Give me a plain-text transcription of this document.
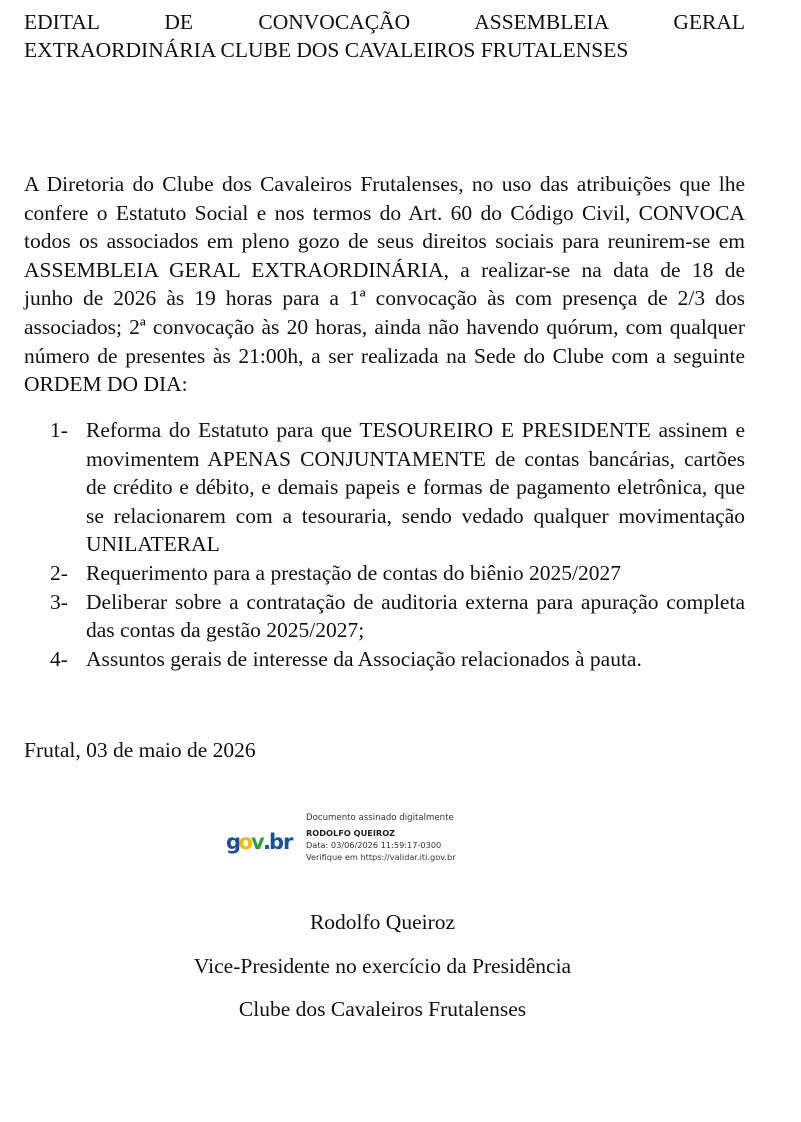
EDITAL DE CONVOCAÇÃO ASSEMBLEIA GERAL
EXTRAORDINÁRIA CLUBE DOS CAVALEIROS FRUTALENSES

A Diretoria do Clube dos Cavaleiros Frutalenses, no uso das atribuições que lhe confere o Estatuto Social e nos termos do Art. 60 do Código Civil, CONVOCA todos os associados em pleno gozo de seus direitos sociais para reunirem-se em ASSEMBLEIA GERAL EXTRAORDINÁRIA, a realizar-se na data de 18 de junho de 2026 às 19 horas para a 1ª convocação às com presença de 2/3 dos associados; 2ª convocação às 20 horas, ainda não havendo quórum, com qualquer número de presentes às 21:00h, a ser realizada na Sede do Clube com a seguinte ORDEM DO DIA:

1- Reforma do Estatuto para que TESOUREIRO E PRESIDENTE assinem e movimentem APENAS CONJUNTAMENTE de contas bancárias, cartões de crédito e débito, e demais papeis e formas de pagamento eletrônica, que se relacionarem com a tesouraria, sendo vedado qualquer movimentação UNILATERAL
2- Requerimento para a prestação de contas do biênio 2025/2027
3- Deliberar sobre a contratação de auditoria externa para apuração completa das contas da gestão 2025/2027;
4- Assuntos gerais de interesse da Associação relacionados à pauta.
Frutal, 03 de maio de 2026
g
o v . br
Documento assinado digitalmente
RODOLFO QUEIROZ
Data: 03/06/2026 11:59:17-0300
Verifique em https://validar.iti.gov.br
Rodolfo Queiroz
Vice-Presidente no exercício da Presidência
Clube dos Cavaleiros Frutalenses
